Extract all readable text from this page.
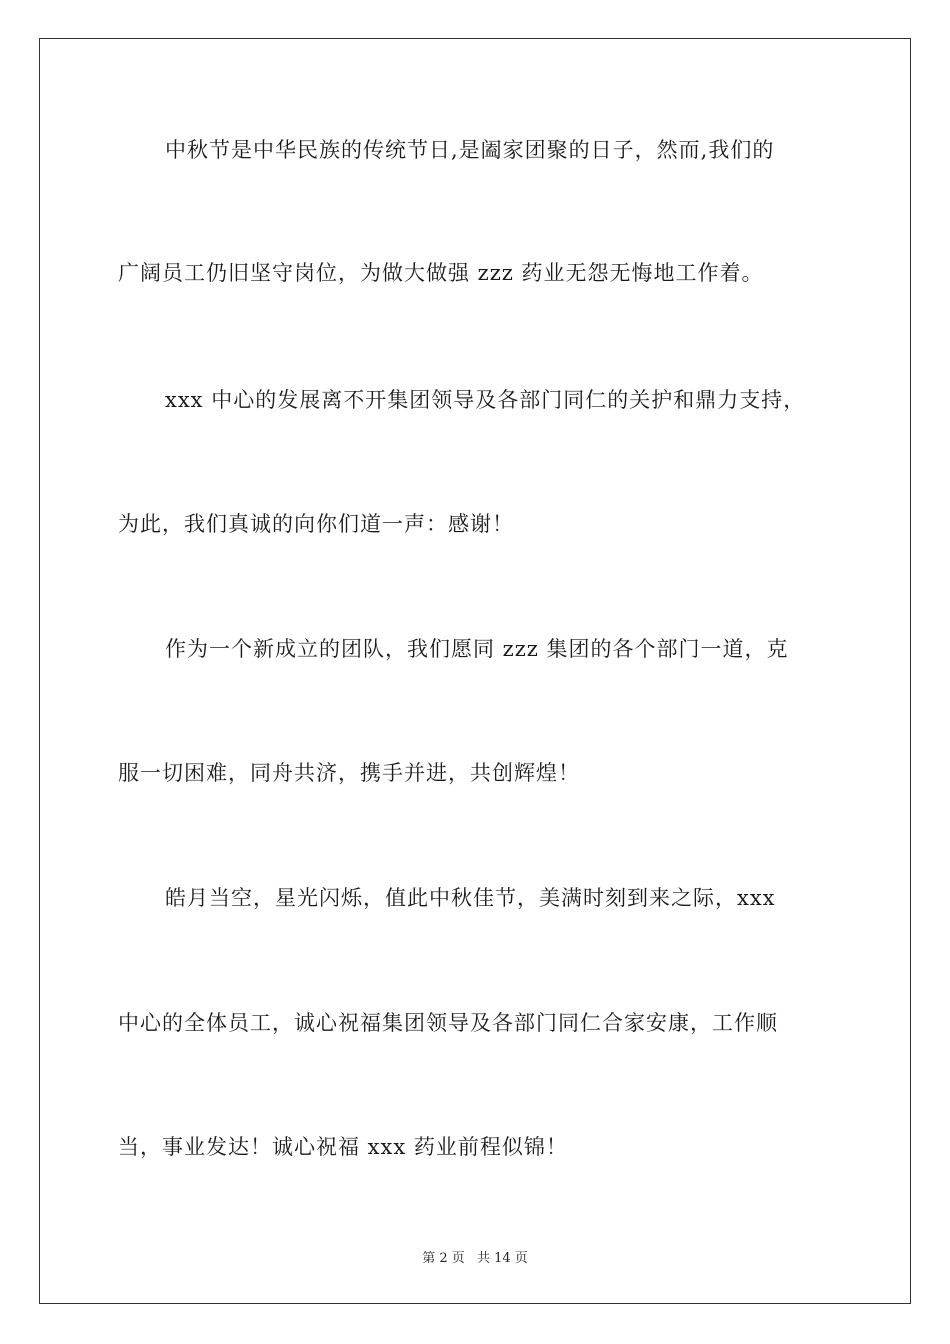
中秋节是中华民族的传统节日,是阖家团聚的日子，然而,我们的
广阔员工仍旧坚守岗位，为做大做强 zzz 药业无怨无悔地工作着。
xxx 中心的发展离不开集团领导及各部门同仁的关护和鼎力支持，
为此，我们真诚的向你们道一声：感谢！
作为一个新成立的团队，我们愿同 zzz 集团的各个部门一道，克
服一切困难，同舟共济，携手并进，共创辉煌！
皓月当空，星光闪烁，值此中秋佳节，美满时刻到来之际，xxx
中心的全体员工，诚心祝福集团领导及各部门同仁合家安康，工作顺
当，事业发达！诚心祝福 xxx 药业前程似锦！
第 2 页 共 14 页
